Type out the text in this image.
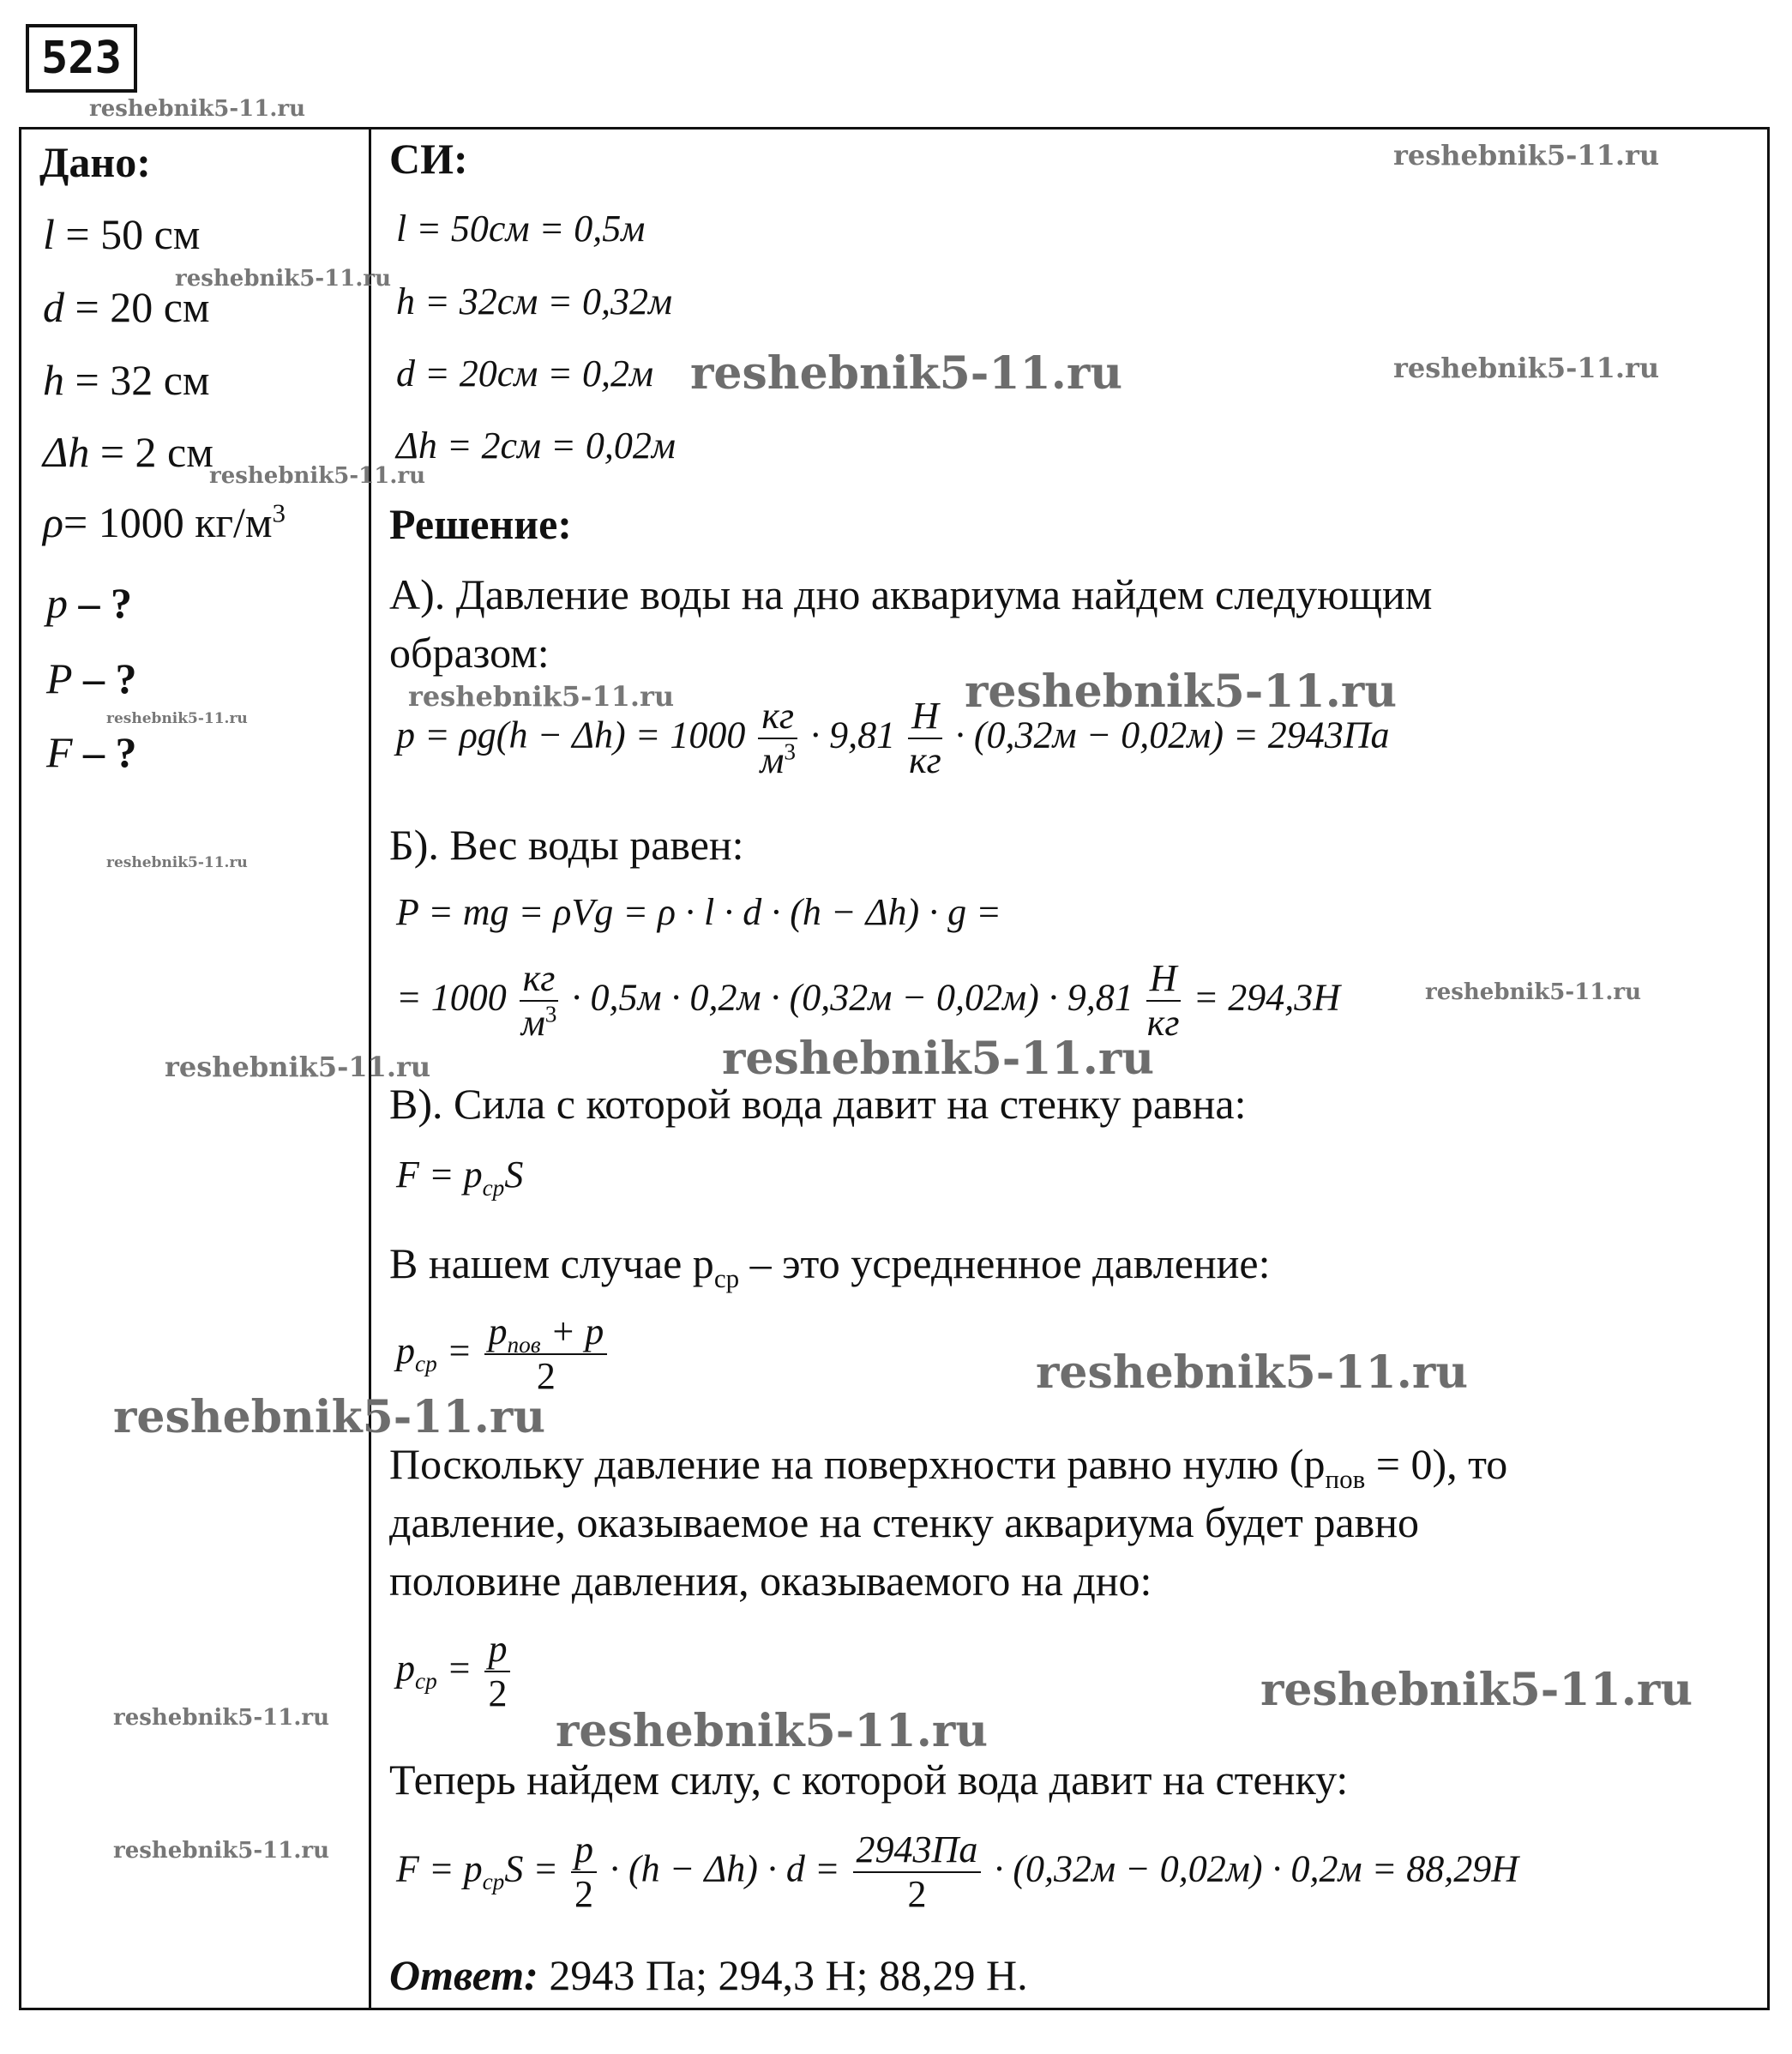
523
reshebnik5-11.ru
reshebnik5-11.ru
reshebnik5-11.ru
reshebnik5-11.ru	reshebnik5-11.ru
reshebnik5-11.ru
reshebnik5-11.ru	reshebnik5-11.ru
reshebnik5-11.ru
reshebnik5-11.ru
reshebnik5-11.ru
reshebnik5-11.ru	reshebnik5-11.ru
reshebnik5-11.ru
reshebnik5-11.ru
reshebnik5-11.ru
reshebnik5-11.ru	reshebnik5-11.ru
reshebnik5-11.ru
Дано:
l = 50 см
d = 20 см
h = 32 см
Δh = 2 см
ρ= 1000 $кг/м^3$
p – ?
P – ?
F – ?
СИ:
l = 50см = 0,5м
h = 32см = 0,32м
d = 20см = 0,2м
Δh = 2см = 0,02м
Решение:
А). Давление воды на дно аквариума найдем следующим
образом:
$p = \rho g(h - \Delta h) = 1000 \frac{кг}{м^3} \cdot 9,81 \frac{Н}{кг} \cdot (0,32м - 0,02м) = 2943Па$
Б). Вес воды равен:
P = mg = ρVg = ρ · l · d · (h − Δh) · g =
= $1000 \frac{кг}{м^3} \cdot 0,5м \cdot 0,2м \cdot (0,32м - 0,02м) \cdot 9,81 \frac{Н}{кг} = 294,3Н$
В). Сила с которой вода давит на стенку равна:
$F = p_{ср}S$
В нашем случае $p_{ср}$ – это усредненное давление:
$p_{ср} = \frac{p_{пов} + p}{2}$
Поскольку давление на поверхности равно нулю $(p_{пов} = 0)$, то
давление, оказываемое на стенку аквариума будет равно
половине давления, оказываемого на дно:
$p_{ср} = \frac{p}{2}$
Теперь найдем силу, с которой вода давит на стенку:
$F = p_{ср}S = \frac{p}{2} \cdot (h - \Delta h) \cdot d = \frac{2943Па}{2} \cdot (0,32м - 0,02м) \cdot 0,2м = 88,29Н$
Ответ: 2943 Па; 294,3 Н; 88,29 Н.
